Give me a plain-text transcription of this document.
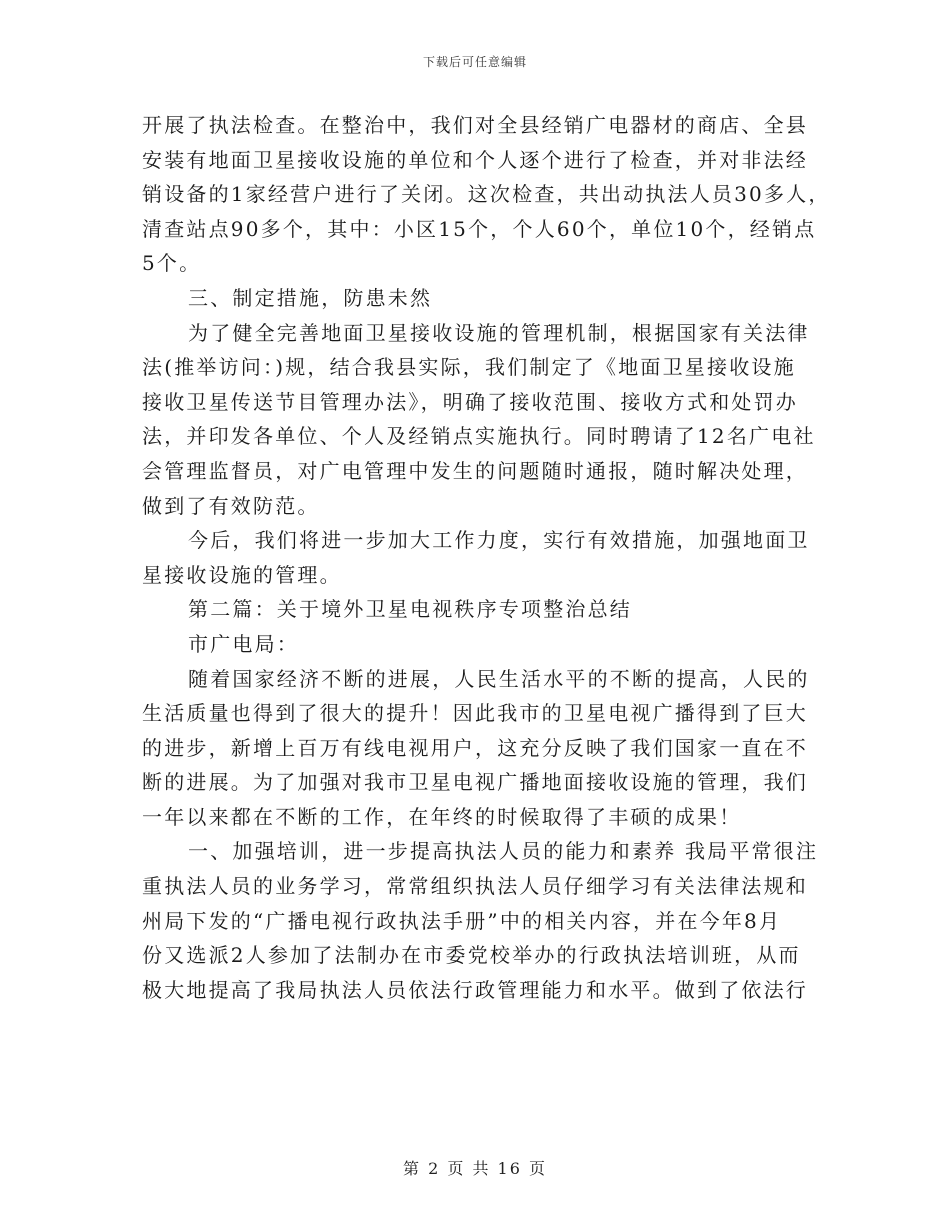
下载后可任意编辑
开展了执法检查。在整治中，我们对全县经销广电器材的商店、全县
安装有地面卫星接收设施的单位和个人逐个进行了检查，并对非法经
销设备的1家经营户进行了关闭。这次检查，共出动执法人员30多人，
清查站点90多个，其中：小区15个，个人60个，单位10个，经销点
5个。
三、制定措施，防患未然
为了健全完善地面卫星接收设施的管理机制，根据国家有关法律
法(推举访问：)规，结合我县实际，我们制定了《地面卫星接收设施
接收卫星传送节目管理办法》，明确了接收范围、接收方式和处罚办
法，并印发各单位、个人及经销点实施执行。同时聘请了12名广电社
会管理监督员，对广电管理中发生的问题随时通报，随时解决处理，
做到了有效防范。
今后，我们将进一步加大工作力度，实行有效措施，加强地面卫
星接收设施的管理。
第二篇：关于境外卫星电视秩序专项整治总结
市广电局：
随着国家经济不断的进展，人民生活水平的不断的提高，人民的
生活质量也得到了很大的提升！因此我市的卫星电视广播得到了巨大
的进步，新增上百万有线电视用户，这充分反映了我们国家一直在不
断的进展。为了加强对我市卫星电视广播地面接收设施的管理，我们
一年以来都在不断的工作，在年终的时候取得了丰硕的成果！
一、加强培训，进一步提高执法人员的能力和素养 我局平常很注
重执法人员的业务学习，常常组织执法人员仔细学习有关法律法规和
州局下发的“广播电视行政执法手册”中的相关内容，并在今年8月
份又选派2人参加了法制办在市委党校举办的行政执法培训班，从而
极大地提高了我局执法人员依法行政管理能力和水平。做到了依法行
第 2 页 共 16 页
